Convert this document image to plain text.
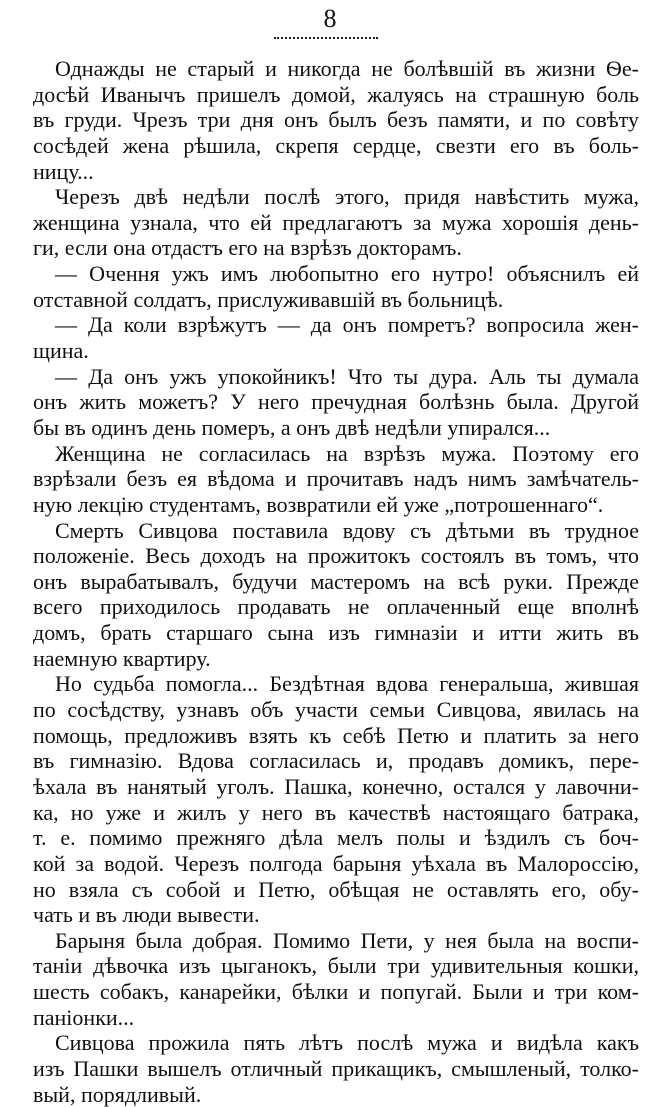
8
Однажды не старый и никогда не болѣвшій въ жизни Ѳе-
досѣй Иванычъ пришелъ домой, жалуясь на страшную боль
въ груди. Чрезъ три дня онъ былъ безъ памяти, и по совѣту
сосѣдей жена рѣшила, скрепя сердце, свезти его въ боль-
ницу...
Черезъ двѣ недѣли послѣ этого, придя навѣстить мужа,
женщина узнала, что ей предлагаютъ за мужа хорошія день-
ги, если она отдастъ его на взрѣзъ докторамъ.
— Очення ужъ имъ любопытно его нутро! объяснилъ ей
отставной солдатъ, прислуживавшій въ больницѣ.
— Да коли взрѣжутъ — да онъ помретъ? вопросила жен-
щина.
— Да онъ ужъ упокойникъ! Что ты дура. Аль ты думала
онъ жить можетъ? У него пречудная болѣзнь была. Другой
бы въ одинъ день померъ, а онъ двѣ недѣли упирался...
Женщина не согласилась на взрѣзъ мужа. Поэтому его
взрѣзали безъ ея вѣдома и прочитавъ надъ нимъ замѣчатель-
ную лекцію студентамъ, возвратили ей уже „потрошеннаго“.
Смерть Сивцова поставила вдову съ дѣтьми въ трудное
положеніе. Весь доходъ на прожитокъ состоялъ въ томъ, что
онъ вырабатывалъ, будучи мастеромъ на всѣ руки. Прежде
всего приходилось продавать не оплаченный еще вполнѣ
домъ, брать старшаго сына изъ гимназіи и итти жить въ
наемную квартиру.
Но судьба помогла... Бездѣтная вдова генеральша, жившая
по сосѣдству, узнавъ объ участи семьи Сивцова, явилась на
помощь, предложивъ взять къ себѣ Петю и платить за него
въ гимназію. Вдова согласилась и, продавъ домикъ, пере-
ѣхала въ нанятый уголъ. Пашка, конечно, остался у лавочни-
ка, но уже и жилъ у него въ качествѣ настоящаго батрака,
т. е. помимо прежняго дѣла мелъ полы и ѣздилъ съ боч-
кой за водой. Черезъ полгода барыня уѣхала въ Малороссію,
но взяла съ собой и Петю, обѣщая не оставлять его, обу-
чать и въ люди вывести.
Барыня была добрая. Помимо Пети, у нея была на воспи-
таніи дѣвочка изъ цыганокъ, были три удивительныя кошки,
шесть собакъ, канарейки, бѣлки и попугай. Были и три ком-
паніонки...
Сивцова прожила пять лѣтъ послѣ мужа и видѣла какъ
изъ Пашки вышелъ отличный прикащикъ, смышленый, толко-
вый, порядливый.
